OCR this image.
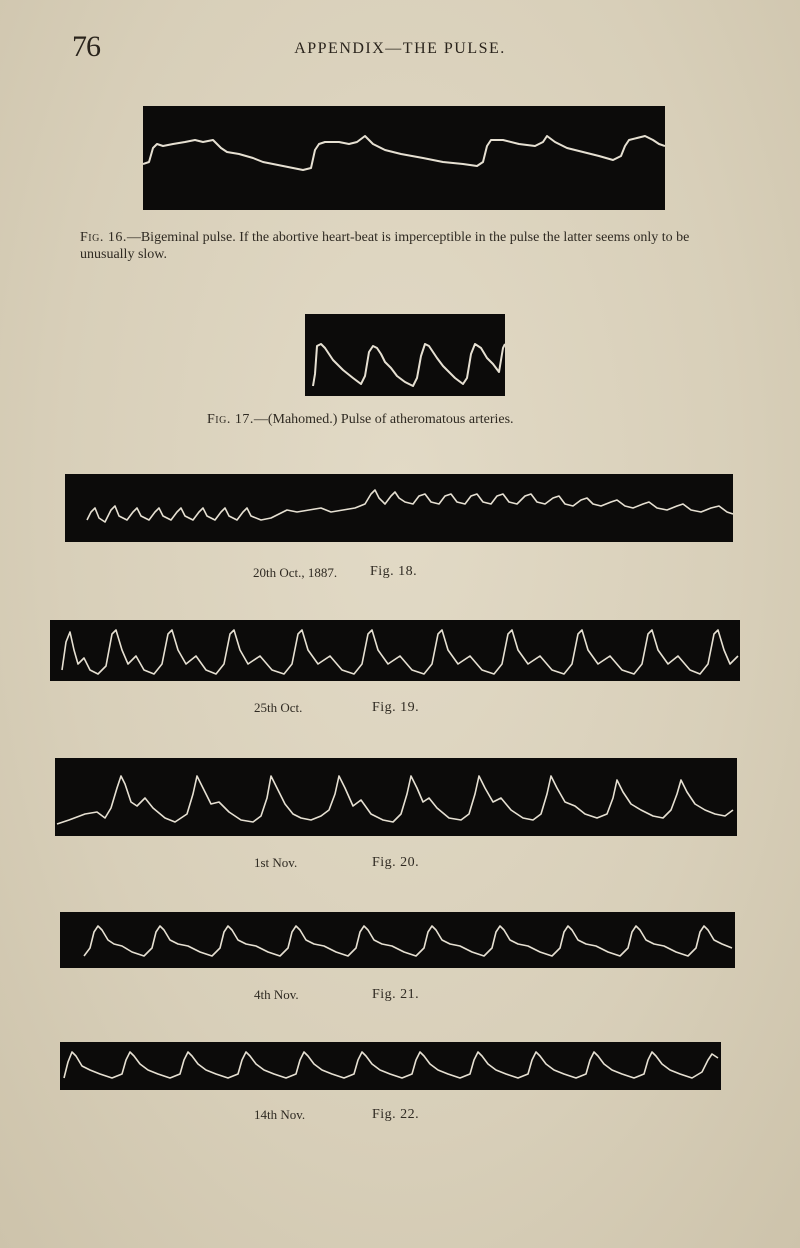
76	APPENDIX—THE PULSE.
Fig. 16.—Bigeminal pulse. If the abortive heart-beat is imperceptible in the pulse the latter seems only to be unusually slow.
Fig. 17.—(Mahomed.) Pulse of atheromatous arteries.
20th Oct., 1887. Fig. 18.
25th Oct.	Fig. 19.
1st Nov.	Fig. 20.
4th Nov.	Fig. 21.
14th Nov.	Fig. 22.
